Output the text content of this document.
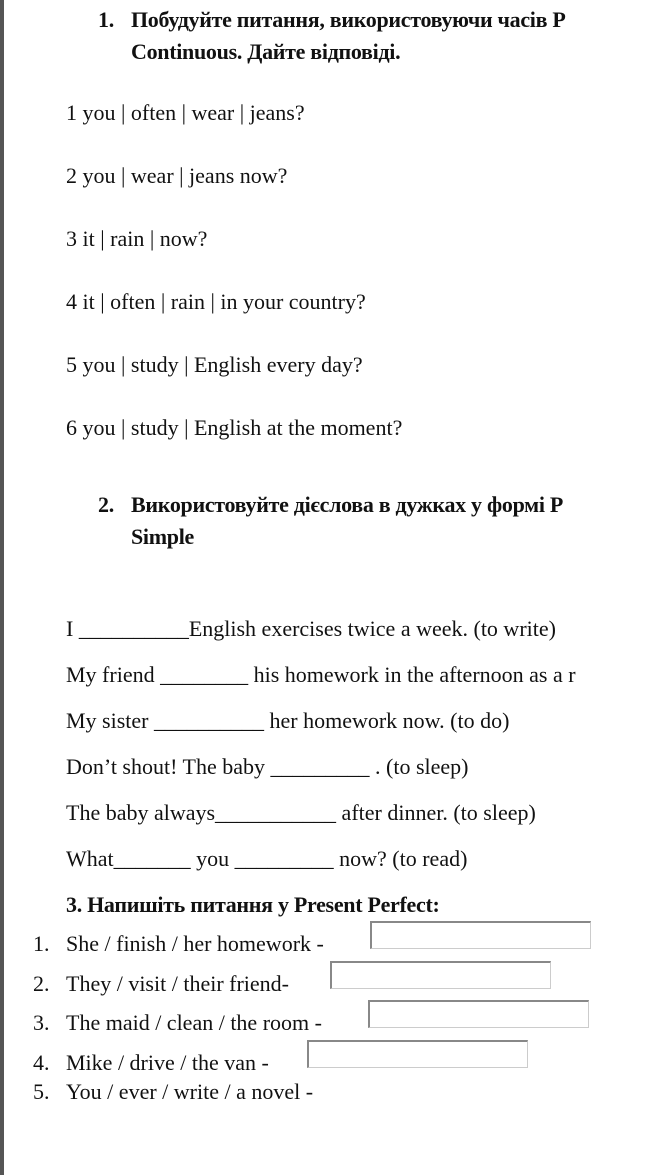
1. Побудуйте питання, використовуючи часів P
Continuous. Дайте відповіді.
1 you | often | wear | jeans?
2 you | wear | jeans now?
3 it | rain | now?
4 it | often | rain | in your country?
5 you | study | English every day?
6 you | study | English at the moment?
2. Використовуйте дієслова в дужках у формі P
Simple
I __________English exercises twice a week. (to write)
My friend ________ his homework in the afternoon as a r
My sister __________ her homework now. (to do)
Don’t shout! The baby _________ . (to sleep)
The baby always___________ after dinner. (to sleep)
What_______ you _________ now? (to read)
3. Напишіть питання у Present Perfect:
1. She / finish / her homework -
2. They / visit / their friend-
3. The maid / clean / the room -
4. Mike / drive / the van -
5. You / ever / write / a novel -
